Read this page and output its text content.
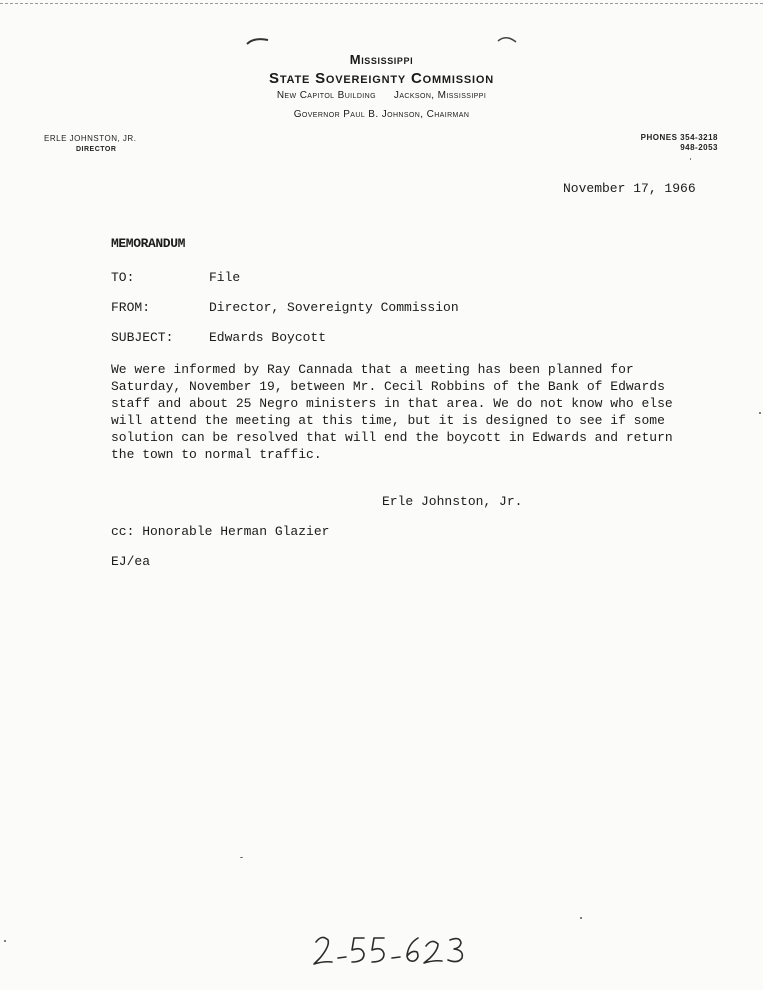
Mississippi
State Sovereignty Commission
New Capitol Building Jackson, Mississippi
Governor Paul B. Johnson, Chairman
ERLE JOHNSTON, JR.
DIRECTOR
PHONES 354-3218
948-2053
November 17, 1966
MEMORANDUM
TO:	File
FROM:	Director, Sovereignty Commission
SUBJECT:	Edwards Boycott
We were informed by Ray Cannada that a meeting has been planned for
Saturday, November 19, between Mr. Cecil Robbins of the Bank of Edwards
staff and about 25 Negro ministers in that area. We do not know who else
will attend the meeting at this time, but it is designed to see if some
solution can be resolved that will end the boycott in Edwards and return
the town to normal traffic.
Erle Johnston, Jr.
cc: Honorable Herman Glazier
EJ/ea
